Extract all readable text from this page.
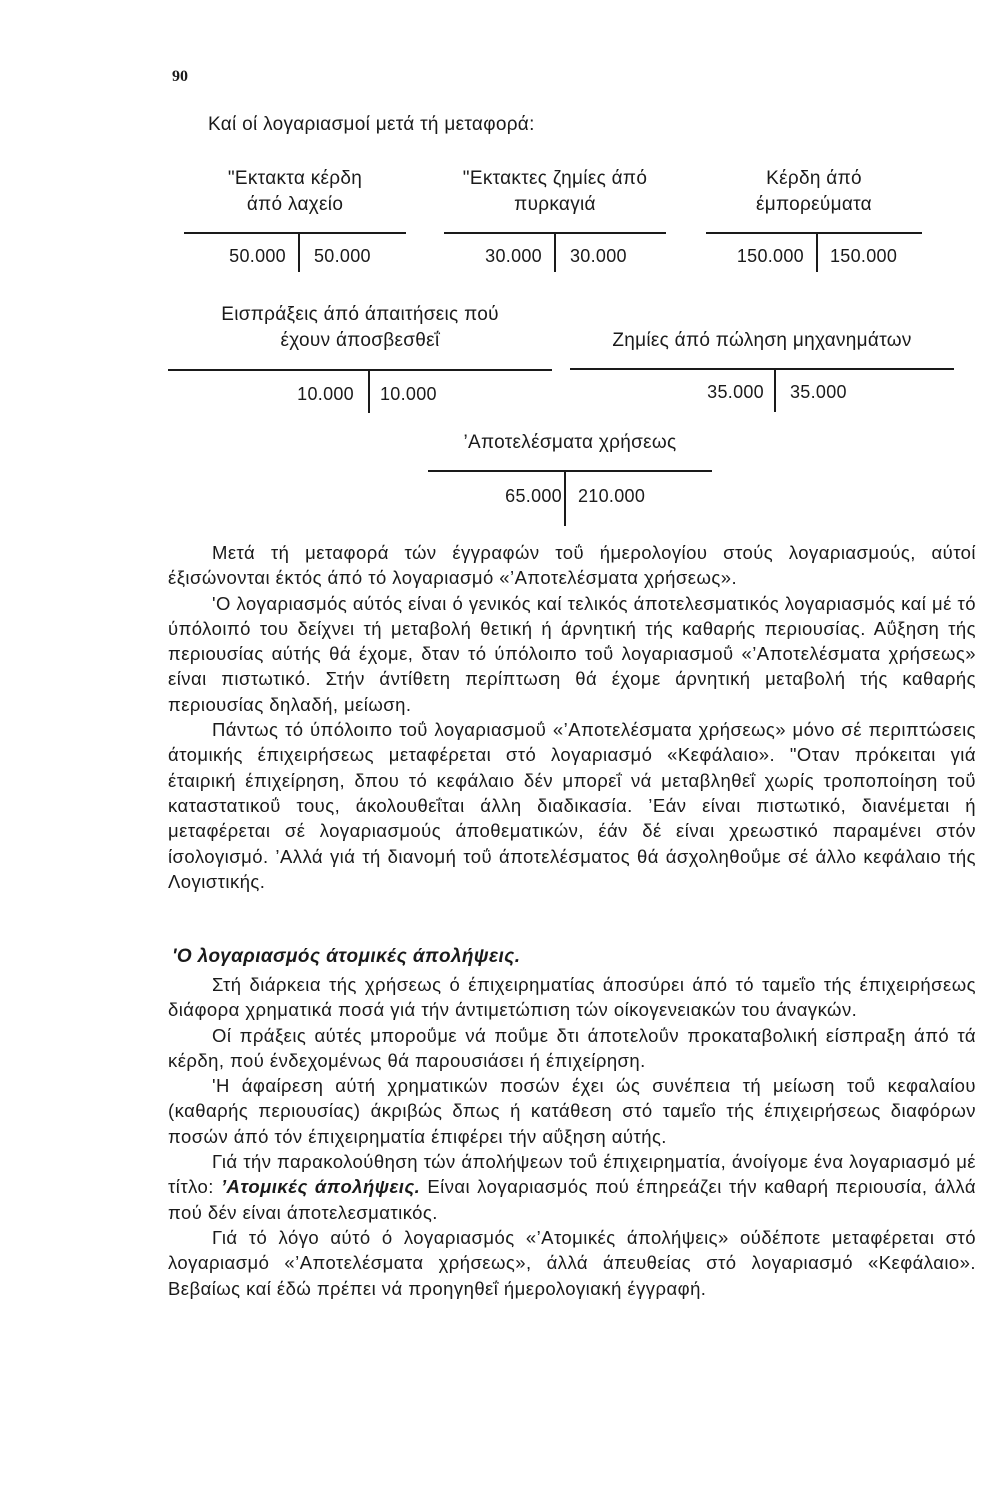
90
Καί οί λογαριασμοί μετά τή μεταφορά:
"Εκτακτα κέρδη
άπό λαχείο
50.000 50.000
"Εκτακτες ζημίες άπό
πυρκαγιά
30.000 30.000
Κέρδη άπό
έμπορεύματα
150.000 150.000
Εισπράξεις άπό άπαιτήσεις πού
έχουν άποσβεσθεΐ
10.000 10.000
Ζημίες άπό πώληση μηχανημάτων
35.000 35.000
’Αποτελέσματα χρήσεως
65.000 210.000

Μετά τή μεταφορά τών έγγραφών τοΰ ήμερολογίου στούς λογαριασμούς, αύτοί έξισώνονται έκτός άπό τό λογαριασμό «’Αποτελέσματα χρήσεως».

'Ο λογαριασμός αύτός είναι ό γενικός καί τελικός άποτελεσματικός λογαριασμός καί μέ τό ύπόλοιπό του δείχνει τή μεταβολή θετική ή άρνητική τής καθαρής περιουσίας. Αΰξηση τής περιουσίας αύτής θά έχομε, δταν τό ύπόλοιπο τοΰ λογαριασμοΰ «’Αποτελέσματα χρήσεως» είναι πιστωτικό. Στήν άντίθετη περίπτωση θά έχομε άρνητική μεταβολή τής καθαρής περιουσίας δηλαδή, μείωση.

Πάντως τό ύπόλοιπο τοΰ λογαριασμοΰ «’Αποτελέσματα χρήσεως» μόνο σέ περιπτώσεις άτομικής έπιχειρήσεως μεταφέρεται στό λογαριασμό «Κεφάλαιο». "Οταν πρόκειται γιά έταιρική έπιχείρηση, δπου τό κεφάλαιο δέν μπορεΐ νά μεταβληθεΐ χωρίς τροποποίηση τοΰ καταστατικοΰ τους, άκολουθεΐται άλλη διαδικασία. ’Εάν είναι πιστωτικό, διανέμεται ή μεταφέρεται σέ λογαριασμούς άποθεματικών, έάν δέ είναι χρεωστικό παραμένει στόν ίσολογισμό. ’Αλλά γιά τή διανομή τοΰ άποτελέσματος θά άσχοληθοΰμε σέ άλλο κεφάλαιο τής Λογιστικής.

'Ο λογαριασμός άτομικές άπολήψεις.

Στή διάρκεια τής χρήσεως ό έπιχειρηματίας άποσύρει άπό τό ταμεΐο τής έπιχειρήσεως διάφορα χρηματικά ποσά γιά τήν άντιμετώπιση τών οίκογενειακών του άναγκών.

Οί πράξεις αύτές μποροΰμε νά ποΰμε δτι άποτελοΰν προκαταβολική είσπραξη άπό τά κέρδη, πού ένδεχομένως θά παρουσιάσει ή έπιχείρηση.

'Η άφαίρεση αύτή χρηματικών ποσών έχει ώς συνέπεια τή μείωση τοΰ κεφαλαίου (καθαρής περιουσίας) άκριβώς δπως ή κατάθεση στό ταμεΐο τής έπιχειρήσεως διαφόρων ποσών άπό τόν έπιχειρηματία έπιφέρει τήν αΰξηση αύτής.

Γιά τήν παρακολούθηση τών άπολήψεων τοΰ έπιχειρηματία, άνοίγομε ένα λογαριασμό μέ τίτλο: ’Ατομικές άπολήψεις. Είναι λογαριασμός πού έπηρεάζει τήν καθαρή περιουσία, άλλά πού δέν είναι άποτελεσματικός.

Γιά τό λόγο αύτό ό λογαριασμός «’Ατομικές άπολήψεις» ούδέποτε μεταφέρεται στό λογαριασμό «’Αποτελέσματα χρήσεως», άλλά άπευθείας στό λογαριασμό «Κεφάλαιο». Βεβαίως καί έδώ πρέπει νά προηγηθεΐ ήμερολογιακή έγγραφή.
